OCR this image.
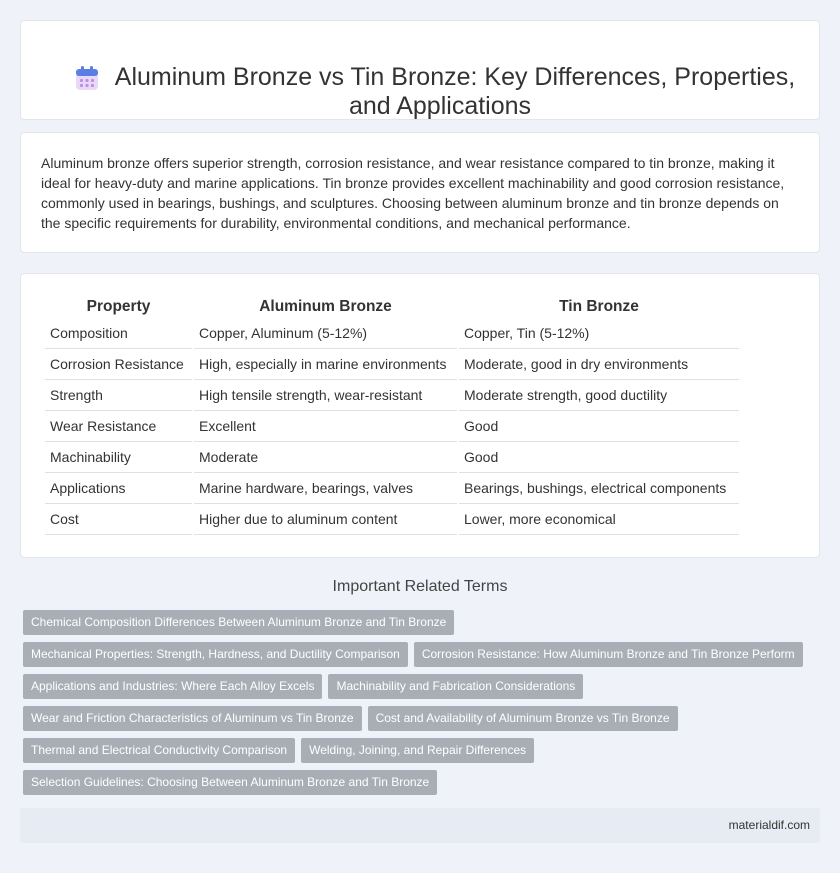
Aluminum Bronze vs Tin Bronze: Key Differences, Properties, and Applications

Aluminum bronze offers superior strength, corrosion resistance, and wear resistance compared to tin bronze, making it ideal for heavy-duty and marine applications. Tin bronze provides excellent machinability and good corrosion resistance, commonly used in bearings, bushings, and sculptures. Choosing between aluminum bronze and tin bronze depends on the specific requirements for durability, environmental conditions, and mechanical performance.

Property	Aluminum Bronze	Tin Bronze
Composition	Copper, Aluminum (5-12%)	Copper, Tin (5-12%)
Corrosion Resistance	High, especially in marine environments	Moderate, good in dry environments
Strength	High tensile strength, wear-resistant	Moderate strength, good ductility
Wear Resistance	Excellent	Good
Machinability	Moderate	Good
Applications	Marine hardware, bearings, valves	Bearings, bushings, electrical components
Cost	Higher due to aluminum content	Lower, more economical
Important Related Terms
Chemical Composition Differences Between Aluminum Bronze and Tin Bronze
Mechanical Properties: Strength, Hardness, and Ductility Comparison Corrosion Resistance: How Aluminum Bronze and Tin Bronze Perform
Applications and Industries: Where Each Alloy Excels Machinability and Fabrication Considerations
Wear and Friction Characteristics of Aluminum vs Tin Bronze Cost and Availability of Aluminum Bronze vs Tin Bronze
Thermal and Electrical Conductivity Comparison Welding, Joining, and Repair Differences
Selection Guidelines: Choosing Between Aluminum Bronze and Tin Bronze
materialdif.com
